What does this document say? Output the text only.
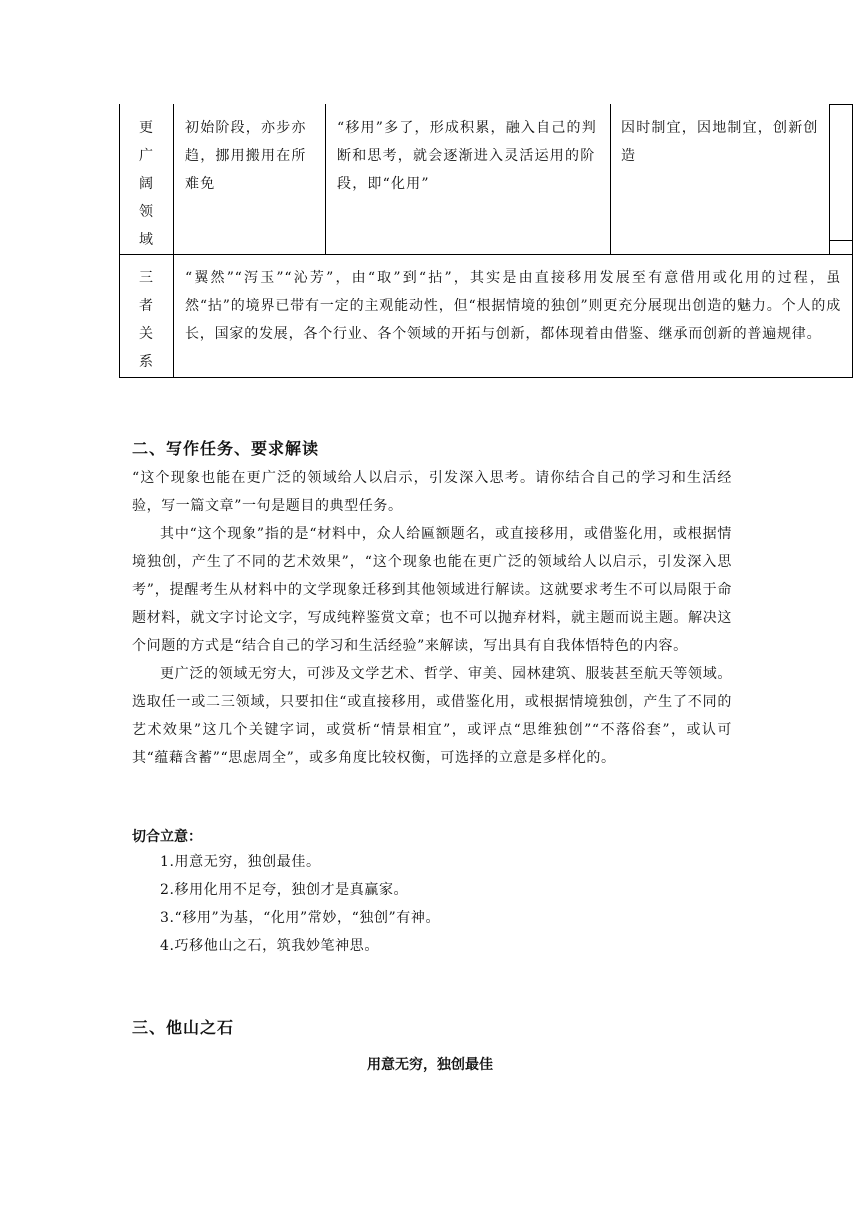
更
广
阔
领
域
初始阶段，亦步亦趋，挪用搬用在所难免
“移用”多了，形成积累，融入自己的判断和思考，就会逐渐进入灵活运用的阶段，即“化用”
因时制宜，因地制宜，创新创造
三
者
关
系
“翼然”“泻玉”“沁芳”，由“取”到“拈”，其实是由直接移用发展至有意借用或化用的过程，虽然“拈”的境界已带有一定的主观能动性，但“根据情境的独创”则更充分展现出创造的魅力。个人的成长，国家的发展，各个行业、各个领域的开拓与创新，都体现着由借鉴、继承而创新的普遍规律。
二、写作任务、要求解读

“这个现象也能在更广泛的领域给人以启示，引发深入思考。请你结合自己的学习和生活经验，写一篇文章”一句是题目的典型任务。

其中“这个现象”指的是“材料中，众人给匾额题名，或直接移用，或借鉴化用，或根据情境独创，产生了不同的艺术效果”，“这个现象也能在更广泛的领域给人以启示，引发深入思考”，提醒考生从材料中的文学现象迁移到其他领域进行解读。这就要求考生不可以局限于命题材料，就文字讨论文字，写成纯粹鉴赏文章；也不可以抛弃材料，就主题而说主题。解决这个问题的方式是“结合自己的学习和生活经验”来解读，写出具有自我体悟特色的内容。

更广泛的领域无穷大，可涉及文学艺术、哲学、审美、园林建筑、服装甚至航天等领域。选取任一或二三领域，只要扣住“或直接移用，或借鉴化用，或根据情境独创，产生了不同的艺术效果”这几个关键字词，或赏析“情景相宜”，或评点“思维独创”“不落俗套”，或认可其“蕴藉含蓄”“思虑周全”，或多角度比较权衡，可选择的立意是多样化的。

切合立意：
1.用意无穷，独创最佳。
2.移用化用不足夸，独创才是真赢家。
3.“移用”为基，“化用”常妙，“独创”有神。
4.巧移他山之石，筑我妙笔神思。
三、他山之石
用意无穷，独创最佳
